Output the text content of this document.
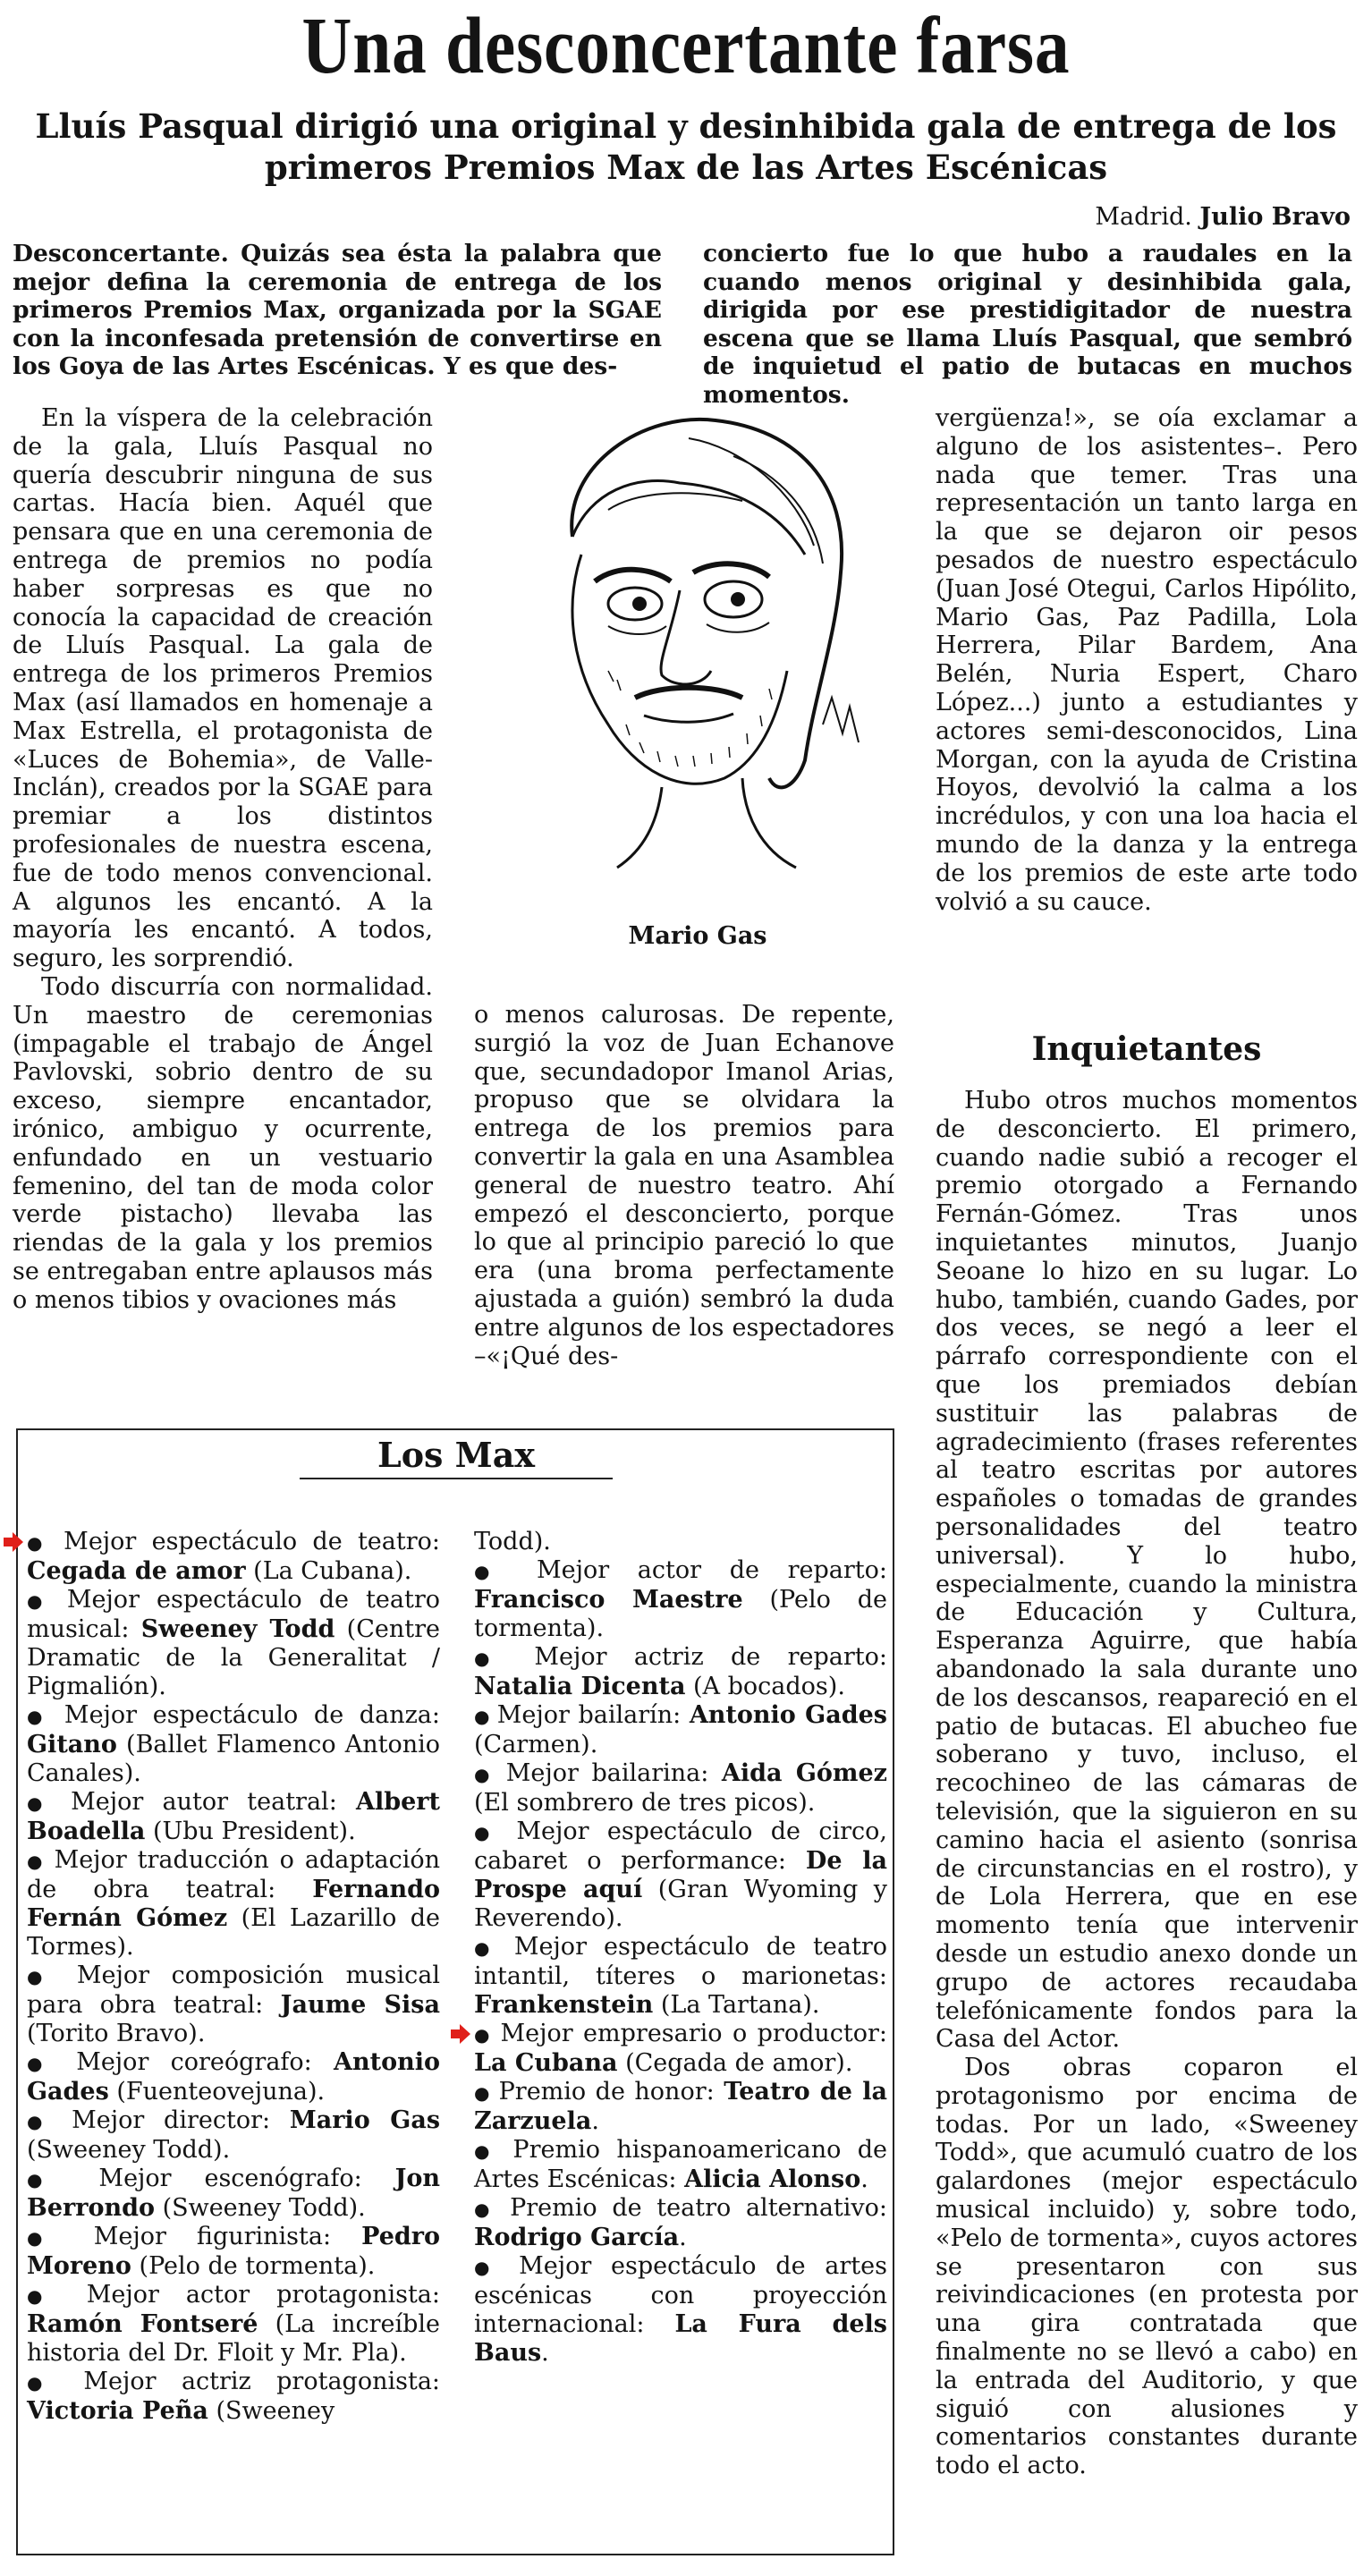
Una desconcertante farsa
Lluís Pasqual dirigió una original y desinhibida gala de entrega de los primeros Premios Max de las Artes Escénicas
Madrid. Julio Bravo

Desconcertante. Quizás sea ésta la palabra que mejor defina la ceremonia de entrega de los primeros Premios Max, organizada por la SGAE con la inconfesada pretensión de convertirse en los Goya de las Artes Escénicas. Y es que des-

concierto fue lo que hubo a raudales en la cuando menos original y desinhibida gala, dirigida por ese prestidigitador de nuestra escena que se llama Lluís Pasqual, que sembró de inquietud el patio de butacas en muchos momentos.

En la víspera de la celebración de la gala, Lluís Pasqual no quería descubrir ninguna de sus cartas. Hacía bien. Aquél que pensara que en una ceremonia de entrega de premios no podía haber sorpresas es que no conocía la capacidad de creación de Lluís Pasqual. La gala de entrega de los primeros Premios Max (así llamados en homenaje a Max Estrella, el protagonista de «Luces de Bohemia», de Valle-Inclán), creados por la SGAE para premiar a los distintos profesionales de nuestra escena, fue de todo menos convencional. A algunos les encantó. A la mayoría les encantó. A todos, seguro, les sorprendió.

Todo discurría con normalidad. Un maestro de ceremonias (impagable el trabajo de Ángel Pavlovski, sobrio dentro de su exceso, siempre encantador, irónico, ambiguo y ocurrente, enfundado en un vestuario femenino, del tan de moda color verde pistacho) llevaba las riendas de la gala y los premios se entregaban entre aplausos más o menos tibios y ovaciones más

Mario Gas

o menos calurosas. De repente, surgió la voz de Juan Echanove que, secundadopor Imanol Arias, propuso que se olvidara la entrega de los premios para convertir la gala en una Asamblea general de nuestro teatro. Ahí empezó el desconcierto, porque lo que al principio pareció lo que era (una broma perfectamente ajustada a guión) sembró la duda entre algunos de los espectadores –«¡Qué des-

vergüenza!», se oía exclamar a alguno de los asistentes–. Pero nada que temer. Tras una representación un tanto larga en la que se dejaron oir pesos pesados de nuestro espectáculo (Juan José Otegui, Carlos Hipólito, Mario Gas, Paz Padilla, Lola Herrera, Pilar Bardem, Ana Belén, Nuria Espert, Charo López...) junto a estudiantes y actores semi-desconocidos, Lina Morgan, con la ayuda de Cristina Hoyos, devolvió la calma a los incrédulos, y con una loa hacia el mundo de la danza y la entrega de los premios de este arte todo volvió a su cauce.

Inquietantes

Hubo otros muchos momentos de desconcierto. El primero, cuando nadie subió a recoger el premio otorgado a Fernando Fernán-Gómez. Tras unos inquietantes minutos, Juanjo Seoane lo hizo en su lugar. Lo hubo, también, cuando Gades, por dos veces, se negó a leer el párrafo correspondiente con el que los premiados debían sustituir las palabras de agradecimiento (frases referentes al teatro escritas por autores españoles o tomadas de grandes personalidades del teatro universal). Y lo hubo, especialmente, cuando la ministra de Educación y Cultura, Esperanza Aguirre, que había abandonado la sala durante uno de los descansos, reapareció en el patio de butacas. El abucheo fue soberano y tuvo, incluso, el recochineo de las cámaras de televisión, que la siguieron en su camino hacia el asiento (sonrisa de circunstancias en el rostro), y de Lola Herrera, que en ese momento tenía que intervenir desde un estudio anexo donde un grupo de actores recaudaba telefónicamente fondos para la Casa del Actor.

Dos obras coparon el protagonismo por encima de todas. Por un lado, «Sweeney Todd», que acumuló cuatro de los galardones (mejor espectáculo musical incluido) y, sobre todo, «Pelo de tormenta», cuyos actores se presentaron con sus reivindicaciones (en protesta por una gira contratada que finalmente no se llevó a cabo) en la entrada del Auditorio, y que siguió con alusiones y comentarios constantes durante todo el acto.

Los Max

● Mejor espectáculo de teatro: Cegada de amor (La Cubana).

● Mejor espectáculo de teatro musical: Sweeney Todd (Centre Dramatic de la Generalitat / Pigmalión).

● Mejor espectáculo de danza: Gitano (Ballet Flamenco Antonio Canales).

● Mejor autor teatral: Albert Boadella (Ubu President).

● Mejor traducción o adaptación de obra teatral: Fernando Fernán Gómez (El Lazarillo de Tormes).

● Mejor composición musical para obra teatral: Jaume Sisa (Torito Bravo).

● Mejor coreógrafo: Antonio Gades (Fuenteovejuna).

● Mejor director: Mario Gas (Sweeney Todd).

● Mejor escenógrafo: Jon Berrondo (Sweeney Todd).

● Mejor figurinista: Pedro Moreno (Pelo de tormenta).

● Mejor actor protagonista: Ramón Fontseré (La increíble historia del Dr. Floit y Mr. Pla).

● Mejor actriz protagonista: Victoria Peña (Sweeney

Todd).

● Mejor actor de reparto: Francisco Maestre (Pelo de tormenta).

● Mejor actriz de reparto: Natalia Dicenta (A bocados).

● Mejor bailarín: Antonio Gades (Carmen).

● Mejor bailarina: Aida Gómez (El sombrero de tres picos).

● Mejor espectáculo de circo, cabaret o performance: De la Prospe aquí (Gran Wyoming y Reverendo).

● Mejor espectáculo de teatro intantil, títeres o marionetas: Frankenstein (La Tartana).

● Mejor empresario o productor: La Cubana (Cegada de amor).

● Premio de honor: Teatro de la Zarzuela.

● Premio hispanoamericano de Artes Escénicas: Alicia Alonso.

● Premio de teatro alternativo: Rodrigo García.

● Mejor espectáculo de artes escénicas con proyección internacional: La Fura dels Baus.
